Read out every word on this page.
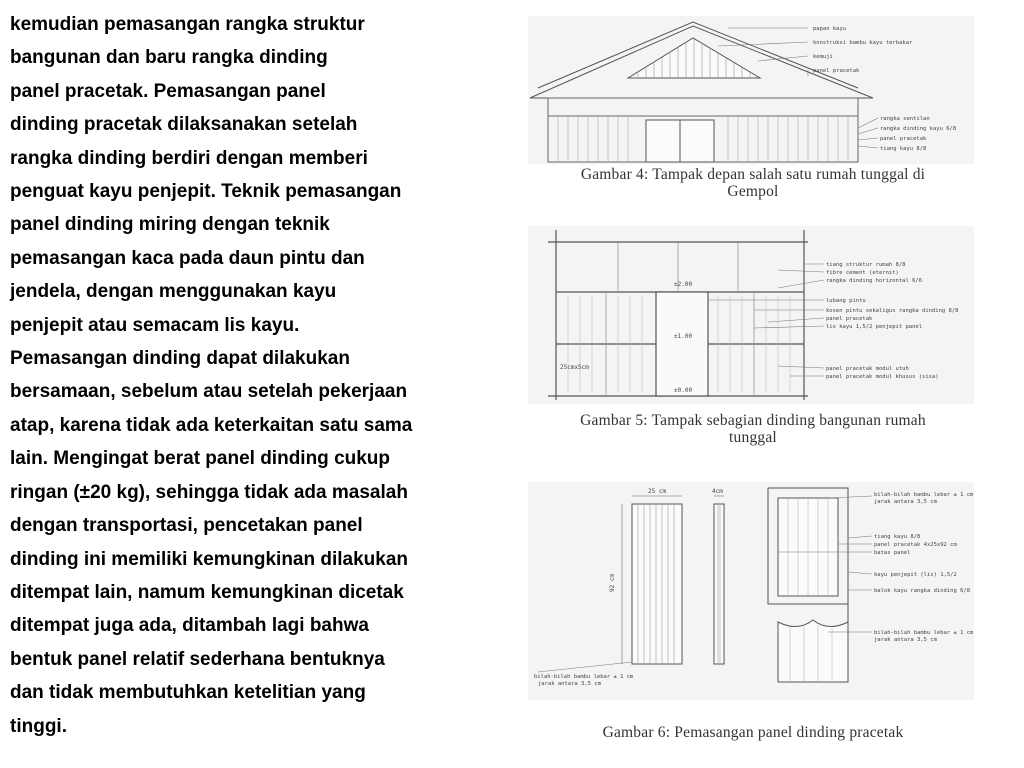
kemudian pemasangan rangka struktur
bangunan dan baru rangka dinding
panel pracetak. Pemasangan panel
dinding pracetak dilaksanakan setelah
rangka dinding berdiri dengan memberi
penguat kayu penjepit. Teknik pemasangan
panel dinding miring dengan teknik
pemasangan kaca pada daun pintu dan
jendela, dengan menggunakan kayu
penjepit atau semacam lis kayu.
Pemasangan dinding dapat dilakukan
bersamaan, sebelum atau setelah pekerjaan
atap, karena tidak ada keterkaitan satu sama
lain. Mengingat berat panel dinding cukup
ringan (±20 kg), sehingga tidak ada masalah
dengan transportasi, pencetakan panel
dinding ini memiliki kemungkinan dilakukan
ditempat lain, namum kemungkinan dicetak
ditempat juga ada, ditambah lagi bahwa
bentuk panel relatif sederhana bentuknya
dan tidak membutuhkan ketelitian yang
tinggi.
papan kayu
konstruksi bambu kayu terbakar
kemuji
panel pracetak
rangka sentilan
rangka dinding kayu 6/8
panel pracetak
tiang kayu 8/8
Gambar 4: Tampak depan salah satu rumah tunggal di
Gempol
±2.00
±1.00
±0.00
25cmx5cm
tiang struktur rumah 8/8
fibre cement (eternit)
rangka dinding horizontal 6/6
lubang pintu
kosen pintu sekaligus rangka dinding 8/8
panel pracetak
lis kayu 1,5/2 penjepit panel
panel pracetak modul utuh
panel pracetak modul khusus (sisa)
Gambar 5: Tampak sebagian dinding bangunan rumah
tunggal
25 cm	4cm
92 cm
bilah-bilah bambu lebar ± 1 cm
jarak antara 3,5 cm
tiang kayu 8/8
panel pracetak 4x25x92 cm
batas panel
kayu penjepit (lis) 1,5/2
balok kayu rangka dinding 6/8
bilah-bilah bambu lebar ± 1 cm
jarak antara 3,5 cm
bilah-bilah bambu lebar ± 1 cm
jarak antara 3,5 cm
Gambar 6: Pemasangan panel dinding pracetak
